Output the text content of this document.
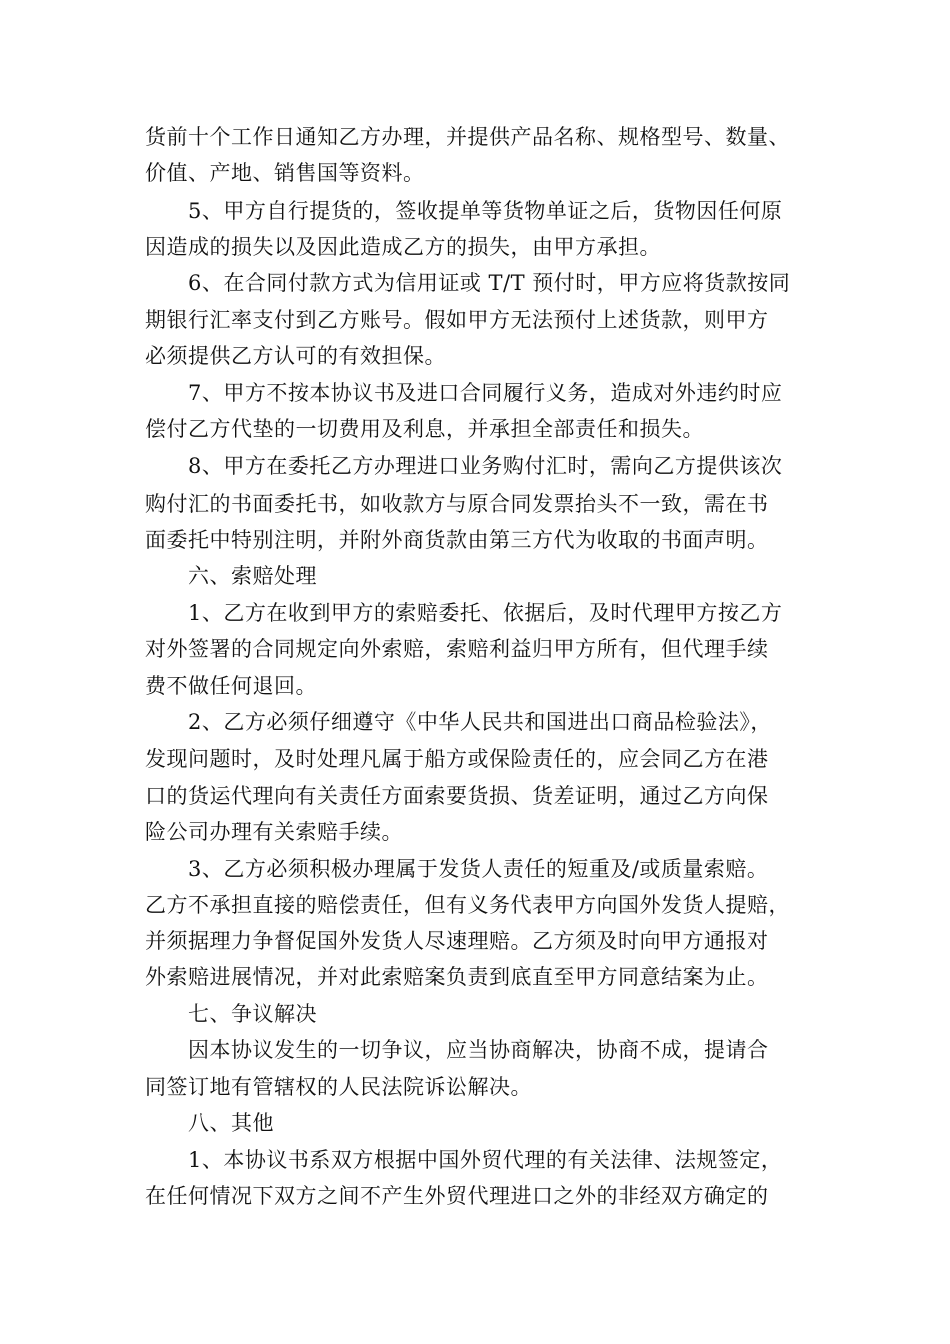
货前十个工作日通知乙方办理，并提供产品名称、规格型号、数量、
价值、产地、销售国等资料。
5、甲方自行提货的，签收提单等货物单证之后，货物因任何原
因造成的损失以及因此造成乙方的损失，由甲方承担。
6、在合同付款方式为信用证或 T/T 预付时，甲方应将货款按同
期银行汇率支付到乙方账号。假如甲方无法预付上述货款，则甲方
必须提供乙方认可的有效担保。
7、甲方不按本协议书及进口合同履行义务，造成对外违约时应
偿付乙方代垫的一切费用及利息，并承担全部责任和损失。
8、甲方在委托乙方办理进口业务购付汇时，需向乙方提供该次
购付汇的书面委托书，如收款方与原合同发票抬头不一致，需在书
面委托中特别注明，并附外商货款由第三方代为收取的书面声明。
六、索赔处理
1、乙方在收到甲方的索赔委托、依据后，及时代理甲方按乙方
对外签署的合同规定向外索赔，索赔利益归甲方所有，但代理手续
费不做任何退回。
2、乙方必须仔细遵守《中华人民共和国进出口商品检验法》，
发现问题时，及时处理凡属于船方或保险责任的，应会同乙方在港
口的货运代理向有关责任方面索要货损、货差证明，通过乙方向保
险公司办理有关索赔手续。
3、乙方必须积极办理属于发货人责任的短重及/或质量索赔。
乙方不承担直接的赔偿责任，但有义务代表甲方向国外发货人提赔，
并须据理力争督促国外发货人尽速理赔。乙方须及时向甲方通报对
外索赔进展情况，并对此索赔案负责到底直至甲方同意结案为止。
七、争议解决
因本协议发生的一切争议，应当协商解决，协商不成，提请合
同签订地有管辖权的人民法院诉讼解决。
八、其他
1、本协议书系双方根据中国外贸代理的有关法律、法规签定，
在任何情况下双方之间不产生外贸代理进口之外的非经双方确定的
